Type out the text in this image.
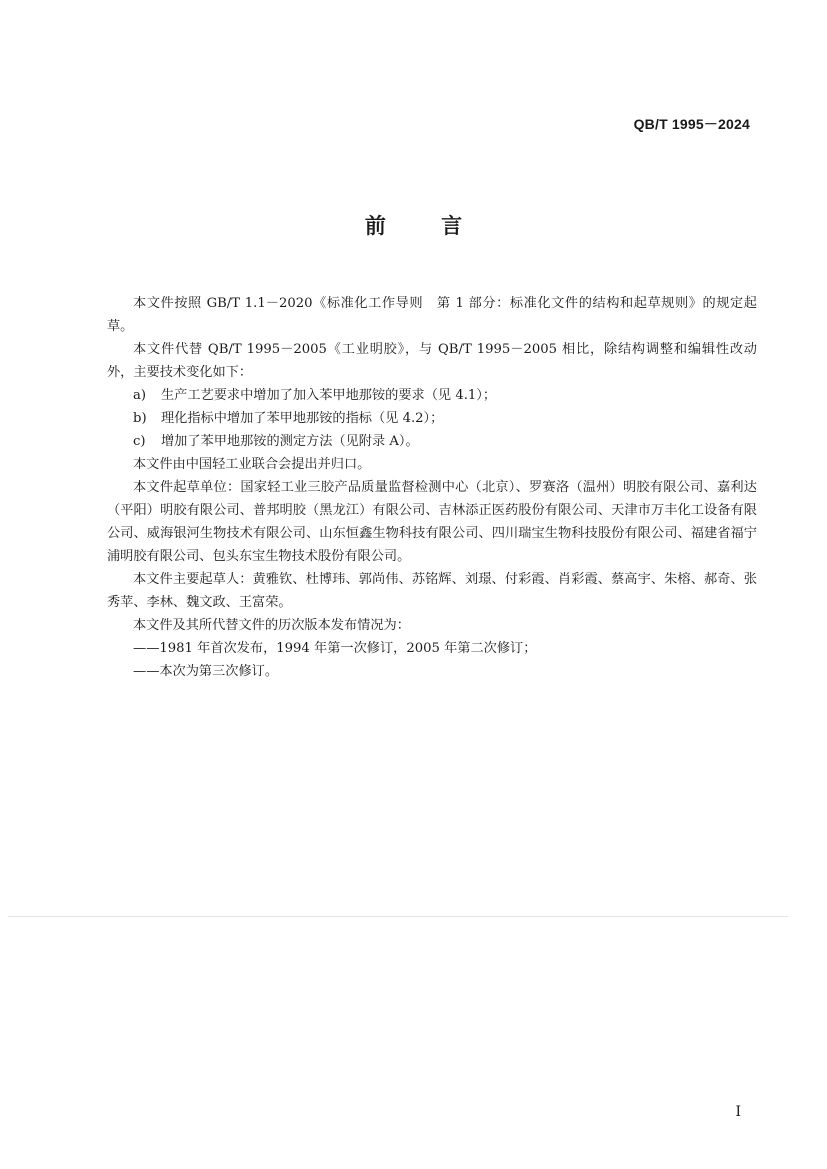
QB/T 1995－2024
前 言

本文件按照 GB/T 1.1－2020《标准化工作导则　第 1 部分：标准化文件的结构和起草规则》的规定起草。

本文件代替 QB/T 1995－2005《工业明胶》，与 QB/T 1995－2005 相比，除结构调整和编辑性改动外，主要技术变化如下：

a) 生产工艺要求中增加了加入苯甲地那铵的要求（见 4.1）；

b) 理化指标中增加了苯甲地那铵的指标（见 4.2）；

c) 增加了苯甲地那铵的测定方法（见附录 A）。

本文件由中国轻工业联合会提出并归口。

本文件起草单位：国家轻工业三胶产品质量监督检测中心（北京）、罗赛洛（温州）明胶有限公司、嘉利达（平阳）明胶有限公司、普邦明胶（黑龙江）有限公司、吉林添正医药股份有限公司、天津市万丰化工设备有限公司、威海银河生物技术有限公司、山东恒鑫生物科技有限公司、四川瑞宝生物科技股份有限公司、福建省福宁浦明胶有限公司、包头东宝生物技术股份有限公司。

本文件主要起草人：黄雅钦、杜博玮、郭尚伟、苏铭辉、刘璟、付彩霞、肖彩霞、蔡高宇、朱榕、郝奇、张秀苹、李林、魏文政、王富荣。

本文件及其所代替文件的历次版本发布情况为：

——1981 年首次发布，1994 年第一次修订，2005 年第二次修订；

——本次为第三次修订。

I
